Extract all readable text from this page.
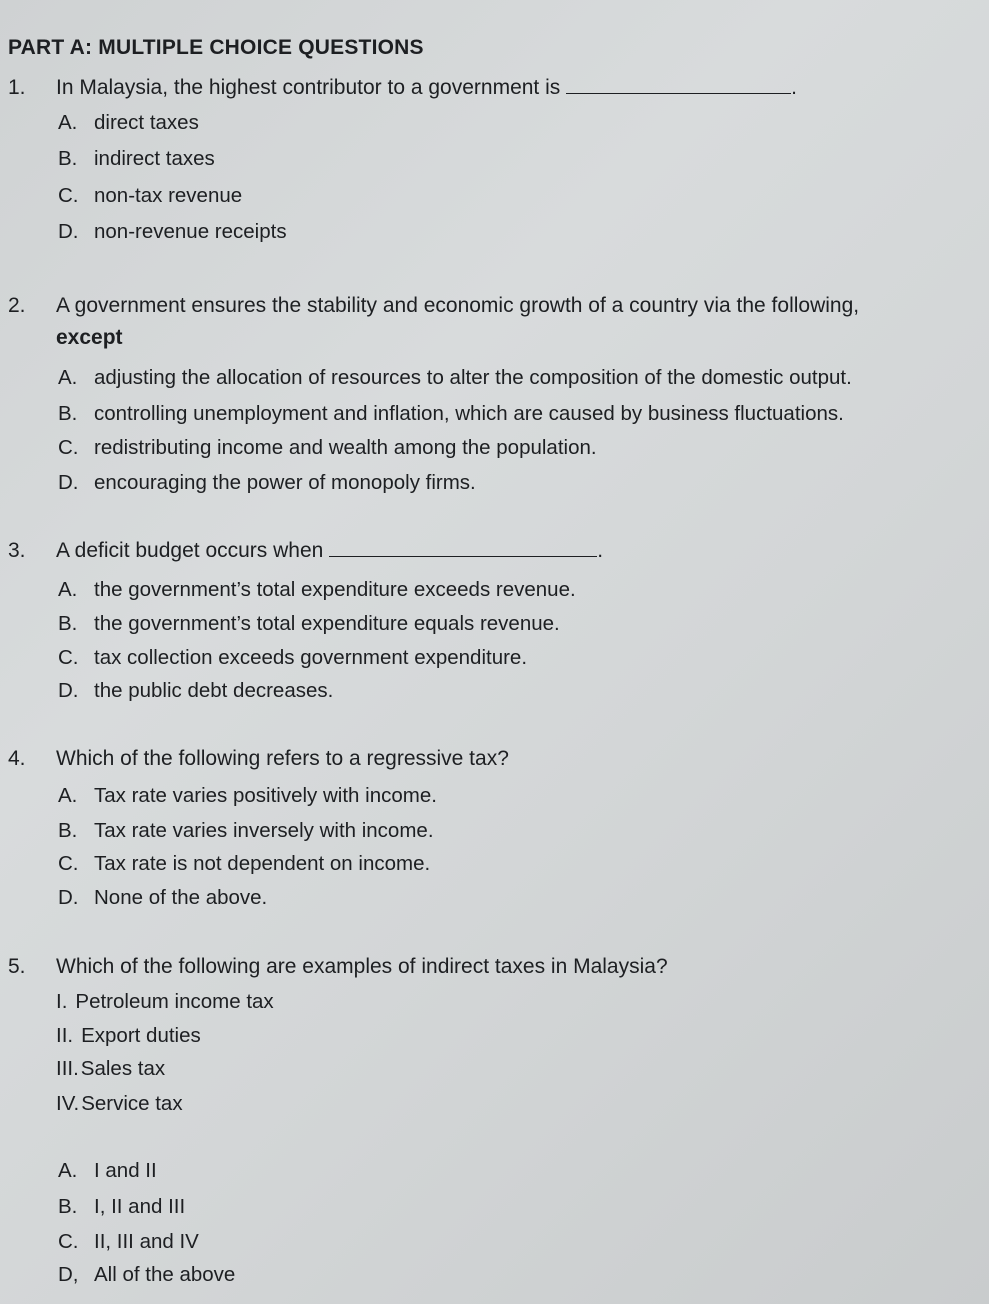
PART A: MULTIPLE CHOICE QUESTIONS
1. In Malaysia, the highest contributor to a government is	.
A. direct taxes
B. indirect taxes
C. non-tax revenue
D. non-revenue receipts
2. A government ensures the stability and economic growth of a country via the following,
except
A. adjusting the allocation of resources to alter the composition of the domestic output.
B. controlling unemployment and inflation, which are caused by business fluctuations.
C. redistributing income and wealth among the population.
D. encouraging the power of monopoly firms.
3. A deficit budget occurs when	.
A. the government’s total expenditure exceeds revenue.
B. the government’s total expenditure equals revenue.
C. tax collection exceeds government expenditure.
D. the public debt decreases.
4. Which of the following refers to a regressive tax?
A. Tax rate varies positively with income.
B. Tax rate varies inversely with income.
C. Tax rate is not dependent on income.
D. None of the above.
5. Which of the following are examples of indirect taxes in Malaysia?
I. Petroleum income tax
II. Export duties
III.Sales tax
IV.Service tax
A. I and II
B. I, II and III
C. II, III and IV
D, All of the above
